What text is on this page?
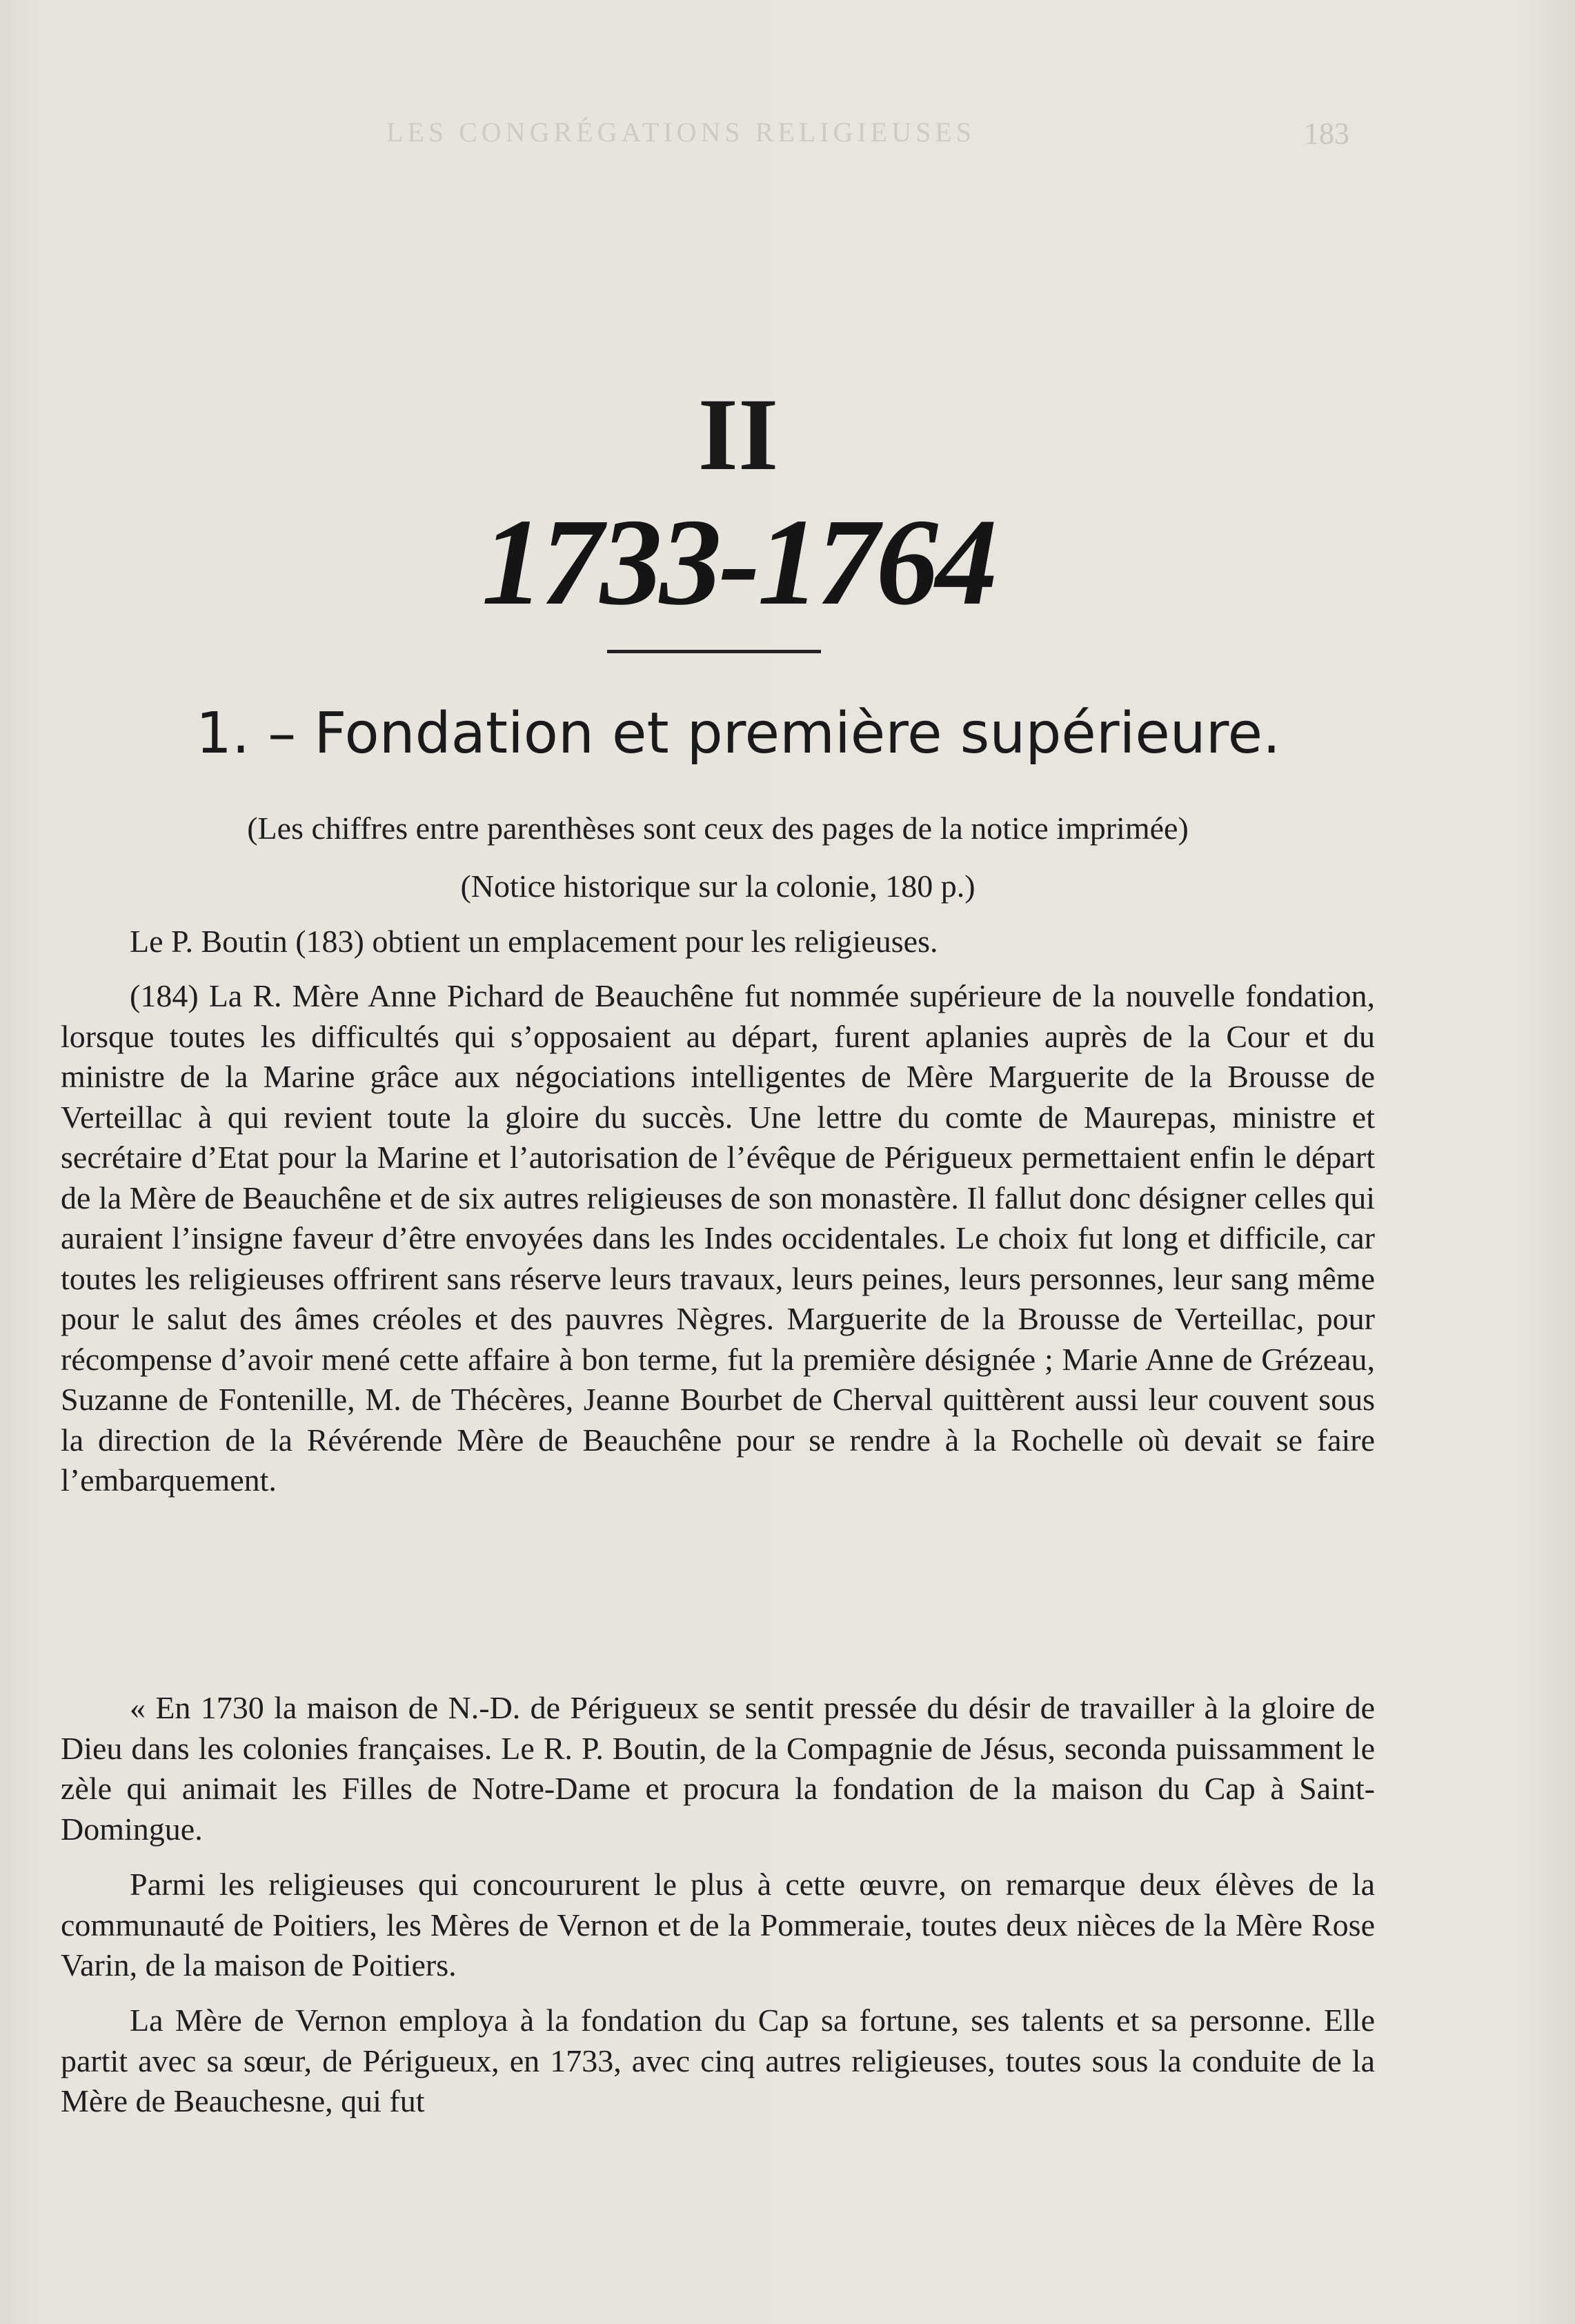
LES CONGRÉGATIONS RELIGIEUSES	183
II
1733-1764
1. – Fondation et première supérieure.
(Les chiffres entre parenthèses sont ceux des pages de la notice imprimée)
(Notice historique sur la colonie, 180 p.)

Le P. Boutin (183) obtient un emplacement pour les religieuses.

(184) La R. Mère Anne Pichard de Beauchêne fut nommée supérieure de la nouvelle fondation, lorsque toutes les difficultés qui s’opposaient au départ, furent aplanies auprès de la Cour et du ministre de la Marine grâce aux négociations intelligentes de Mère Marguerite de la Brousse de Verteillac à qui revient toute la gloire du succès. Une lettre du comte de Maurepas, ministre et secrétaire d’Etat pour la Marine et l’autorisation de l’évêque de Périgueux permettaient enfin le départ de la Mère de Beauchêne et de six autres religieuses de son monastère. Il fallut donc désigner celles qui auraient l’insigne faveur d’être envoyées dans les Indes occidentales. Le choix fut long et difficile, car toutes les religieuses offrirent sans réserve leurs travaux, leurs peines, leurs personnes, leur sang même pour le salut des âmes créoles et des pauvres Nègres. Marguerite de la Brousse de Verteillac, pour récompense d’avoir mené cette affaire à bon terme, fut la première désignée ; Marie Anne de Grézeau, Suzanne de Fontenille, M. de Thécères, Jeanne Bourbet de Cherval quittèrent aussi leur couvent sous la direction de la Révérende Mère de Beauchêne pour se rendre à la Rochelle où devait se faire l’embarquement.

« En 1730 la maison de N.-D. de Périgueux se sentit pressée du désir de travailler à la gloire de Dieu dans les colonies françaises. Le R. P. Boutin, de la Compagnie de Jésus, seconda puissamment le zèle qui animait les Filles de Notre-Dame et procura la fondation de la maison du Cap à Saint-Domingue.

Parmi les religieuses qui concoururent le plus à cette œuvre, on remarque deux élèves de la communauté de Poitiers, les Mères de Vernon et de la Pommeraie, toutes deux nièces de la Mère Rose Varin, de la maison de Poitiers.

La Mère de Vernon employa à la fondation du Cap sa fortune, ses talents et sa personne. Elle partit avec sa sœur, de Périgueux, en 1733, avec cinq autres religieuses, toutes sous la conduite de la Mère de Beauchesne, qui fut
